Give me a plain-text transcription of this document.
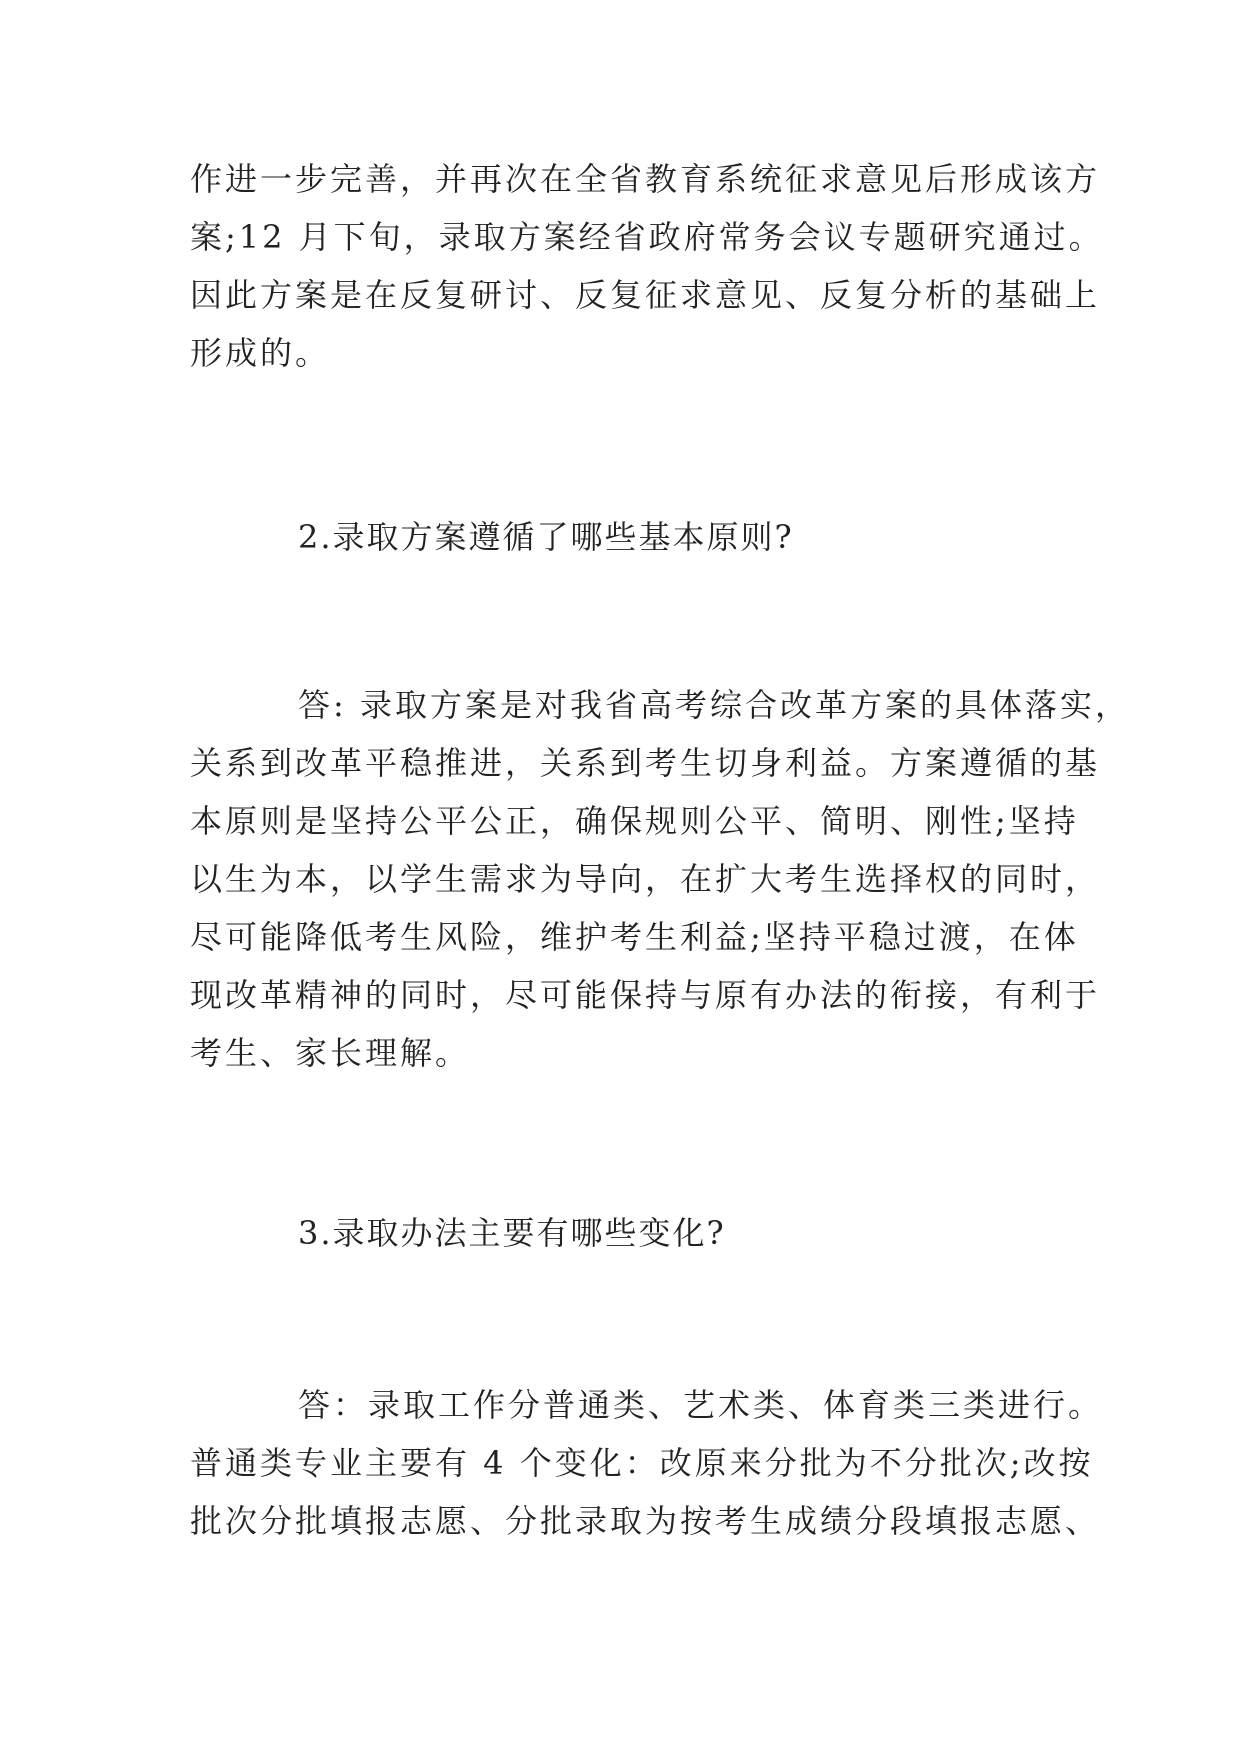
作进一步完善，并再次在全省教育系统征求意见后形成该方
案;12 月下旬，录取方案经省政府常务会议专题研究通过。
因此方案是在反复研讨、反复征求意见、反复分析的基础上
形成的。
2.录取方案遵循了哪些基本原则?
答: 录取方案是对我省高考综合改革方案的具体落实，
关系到改革平稳推进，关系到考生切身利益。方案遵循的基
本原则是坚持公平公正，确保规则公平、简明、刚性;坚持
以生为本，以学生需求为导向，在扩大考生选择权的同时，
尽可能降低考生风险，维护考生利益;坚持平稳过渡，在体
现改革精神的同时，尽可能保持与原有办法的衔接，有利于
考生、家长理解。
3.录取办法主要有哪些变化?
答：录取工作分普通类、艺术类、体育类三类进行。
普通类专业主要有 4 个变化：改原来分批为不分批次;改按
批次分批填报志愿、分批录取为按考生成绩分段填报志愿、
